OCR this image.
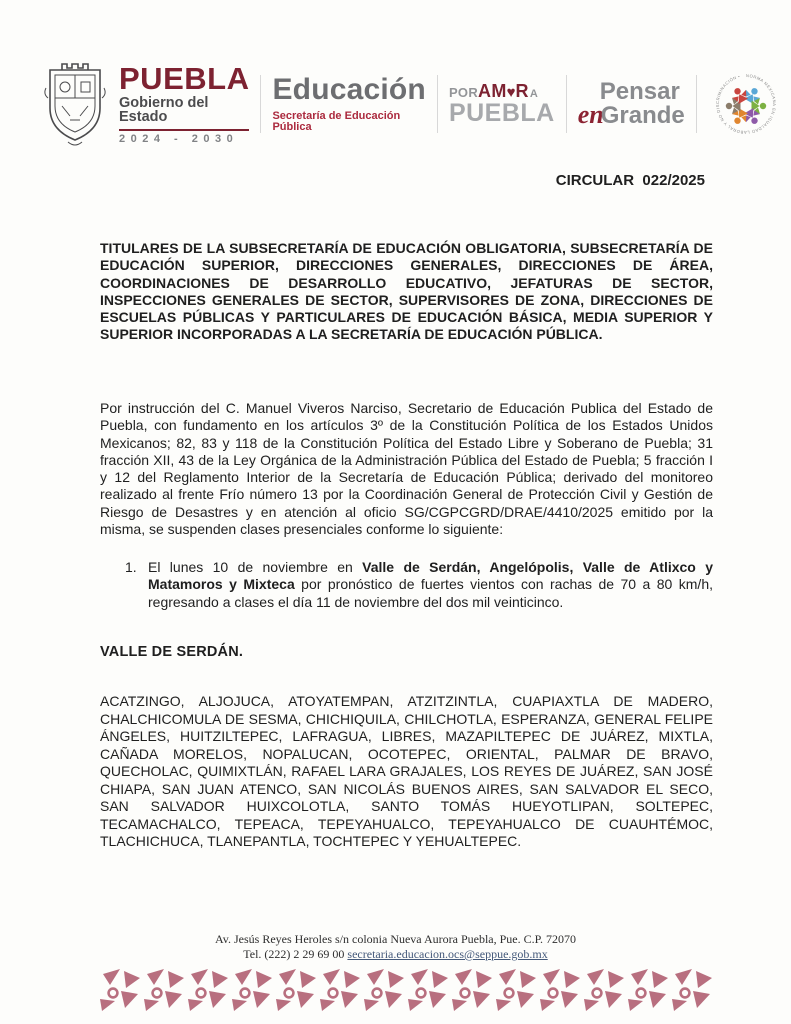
PUEBLA
Gobierno del Estado
2024 - 2030
Educación
Secretaría de Educación Pública
POR AM ♥ R A
PUEBLA
Pensar
en
Grande
NORMA MEXICANA EN IGUALDAD LABORAL Y NO DISCRIMINACIÓN •
CIRCULAR  022/2025

TITULARES DE LA SUBSECRETARÍA DE EDUCACIÓN OBLIGATORIA, SUBSECRETARÍA DE EDUCACIÓN SUPERIOR, DIRECCIONES GENERALES, DIRECCIONES DE ÁREA, COORDINACIONES DE DESARROLLO EDUCATIVO, JEFATURAS DE SECTOR, INSPECCIONES GENERALES DE SECTOR, SUPERVISORES DE ZONA, DIRECCIONES DE ESCUELAS PÚBLICAS Y PARTICULARES DE EDUCACIÓN BÁSICA, MEDIA SUPERIOR Y SUPERIOR INCORPORADAS A LA SECRETARÍA DE EDUCACIÓN PÚBLICA.

Por instrucción del C. Manuel Viveros Narciso, Secretario de Educación Publica del Estado de Puebla, con fundamento en los artículos 3º de la Constitución Política de los Estados Unidos Mexicanos; 82, 83 y 118 de la Constitución Política del Estado Libre y Soberano de Puebla; 31 fracción XII, 43 de la Ley Orgánica de la Administración Pública del Estado de Puebla; 5 fracción I y 12 del Reglamento Interior de la Secretaría de Educación Pública; derivado del monitoreo realizado al frente Frío número 13 por la Coordinación General de Protección Civil y Gestión de Riesgo de Desastres y en atención al oficio SG/CGPCGRD/DRAE/4410/2025 emitido por la misma, se suspenden clases presenciales conforme lo siguiente:

1. El lunes 10 de noviembre en Valle de Serdán, Angelópolis, Valle de Atlixco y Matamoros y Mixteca por pronóstico de fuertes vientos con rachas de 70 a 80 km/h, regresando a clases el día 11 de noviembre del dos mil veinticinco.
VALLE DE SERDÁN.

ACATZINGO, ALJOJUCA, ATOYATEMPAN, ATZITZINTLA, CUAPIAXTLA DE MADERO, CHALCHICOMULA DE SESMA, CHICHIQUILA, CHILCHOTLA, ESPERANZA, GENERAL FELIPE ÁNGELES, HUITZILTEPEC, LAFRAGUA, LIBRES, MAZAPILTEPEC DE JUÁREZ, MIXTLA, CAÑADA MORELOS, NOPALUCAN, OCOTEPEC, ORIENTAL, PALMAR DE BRAVO, QUECHOLAC, QUIMIXTLÁN, RAFAEL LARA GRAJALES, LOS REYES DE JUÁREZ, SAN JOSÉ CHIAPA, SAN JUAN ATENCO, SAN NICOLÁS BUENOS AIRES, SAN SALVADOR EL SECO, SAN SALVADOR HUIXCOLOTLA, SANTO TOMÁS HUEYOTLIPAN, SOLTEPEC, TECAMACHALCO, TEPEACA, TEPEYAHUALCO, TEPEYAHUALCO DE CUAUHTÉMOC, TLACHICHUCA, TLANEPANTLA, TOCHTEPEC Y YEHUALTEPEC.

Av. Jesús Reyes Heroles s/n colonia Nueva Aurora Puebla, Pue. C.P. 72070
Tel. (222) 2 29 69 00 secretaria.educacion.ocs@seppue.gob.mx
